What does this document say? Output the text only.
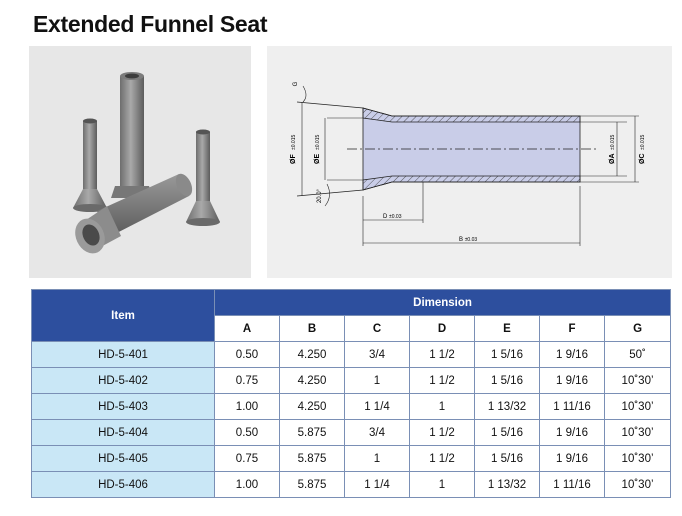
Extended Funnel Seat
G
ØF
±0.015
ØE
±0.015
20.0°
ØA
±0.015
ØC
±0.015
D ±0.03
B ±0.03
Item	Dimension						
	A	B	C	D	E	F	G
HD-5-401	0.50	4.250	3/4	1 1/2	1 5/16	1 9/16	50˚
HD-5-402	0.75	4.250	1	1 1/2	1 5/16	1 9/16	10˚30’
HD-5-403	1.00	4.250	1 1/4	1	1 13/32	1 11/16	10˚30’
HD-5-404	0.50	5.875	3/4	1 1/2	1 5/16	1 9/16	10˚30’
HD-5-405	0.75	5.875	1	1 1/2	1 5/16	1 9/16	10˚30’
HD-5-406	1.00	5.875	1 1/4	1	1 13/32	1 11/16	10˚30’
